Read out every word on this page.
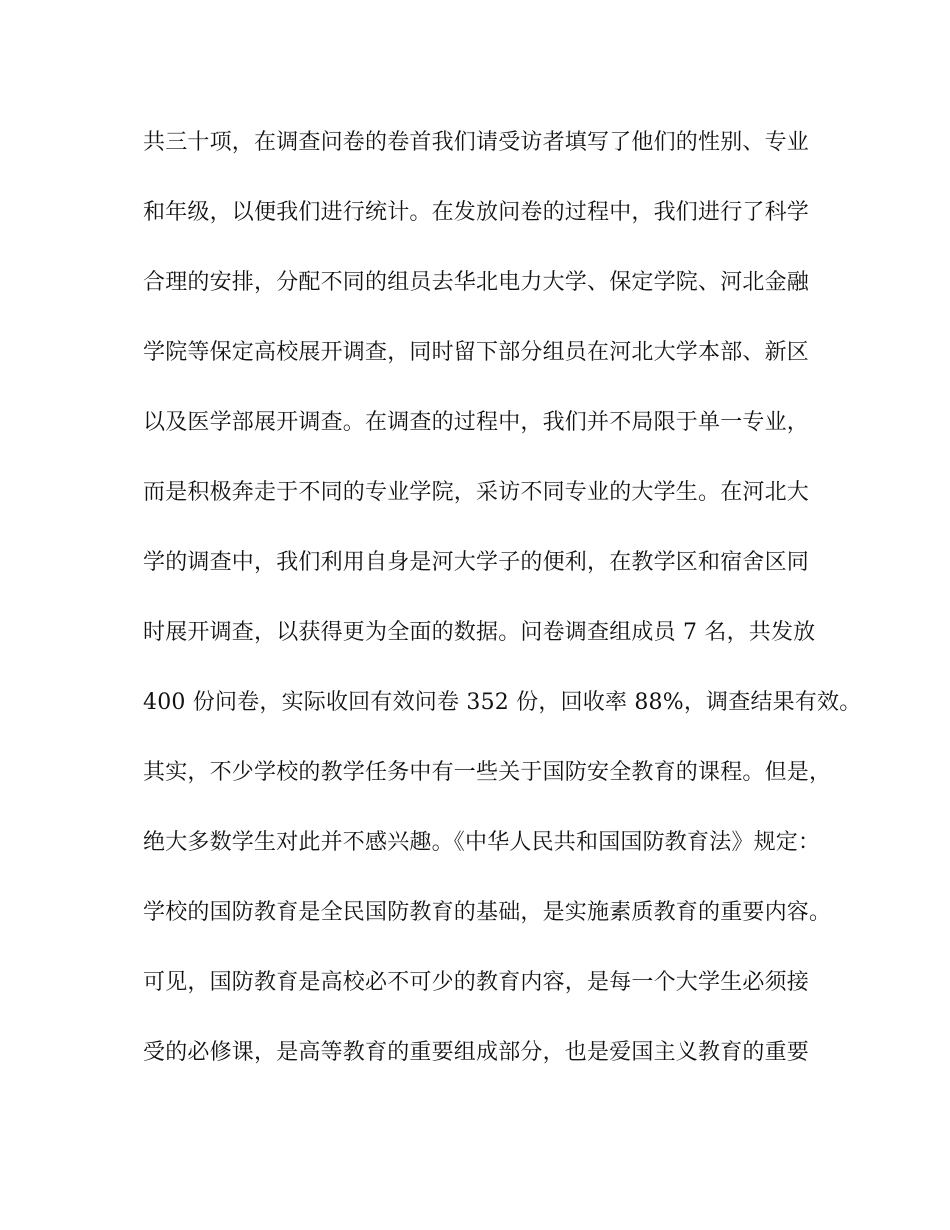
共三十项，在调查问卷的卷首我们请受访者填写了他们的性别、专业
和年级，以便我们进行统计。在发放问卷的过程中，我们进行了科学
合理的安排，分配不同的组员去华北电力大学、保定学院、河北金融
学院等保定高校展开调查，同时留下部分组员在河北大学本部、新区
以及医学部展开调查。在调查的过程中，我们并不局限于单一专业，
而是积极奔走于不同的专业学院，采访不同专业的大学生。在河北大
学的调查中，我们利用自身是河大学子的便利，在教学区和宿舍区同
时展开调查，以获得更为全面的数据。问卷调查组成员 7 名，共发放
400 份问卷，实际收回有效问卷 352 份，回收率 88%，调查结果有效。
其实，不少学校的教学任务中有一些关于国防安全教育的课程。但是，
绝大多数学生对此并不感兴趣。《中华人民共和国国防教育法》规定：
学校的国防教育是全民国防教育的基础，是实施素质教育的重要内容。
可见，国防教育是高校必不可少的教育内容，是每一个大学生必须接
受的必修课，是高等教育的重要组成部分，也是爱国主义教育的重要
